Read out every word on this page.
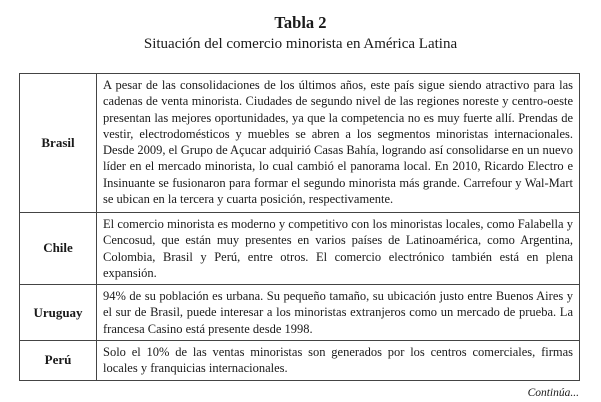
Tabla 2
Situación del comercio minorista en América Latina
Brasil	A pesar de las consolidaciones de los últimos años, este país sigue siendo atractivo para las cadenas de venta minorista. Ciudades de segundo nivel de las regiones noreste y centro-oeste presentan las mejores oportunidades, ya que la competencia no es muy fuerte allí. Prendas de vestir, electrodomésticos y muebles se abren a los segmentos minoristas internacionales. Desde 2009, el Grupo de Açucar adquirió Casas Bahía, logrando así consolidarse en un nuevo líder en el mercado minorista, lo cual cambió el panorama local. En 2010, Ricardo Electro e Insinuante se fusionaron para formar el segundo minorista más grande. Carrefour y Wal-Mart se ubican en la tercera y cuarta posición, respectivamente.
Chile	El comercio minorista es moderno y competitivo con los minoristas locales, como Falabella y Cencosud, que están muy presentes en varios países de Latinoamérica, como Argentina, Colombia, Brasil y Perú, entre otros. El comercio electrónico también está en plena expansión.
Uruguay	94% de su población es urbana. Su pequeño tamaño, su ubicación justo entre Buenos Aires y el sur de Brasil, puede interesar a los minoristas extranjeros como un mercado de prueba. La francesa Casino está presente desde 1998.
Perú	Solo el 10% de las ventas minoristas son generados por los centros comerciales, firmas locales y franquicias internacionales.
Continúa...
